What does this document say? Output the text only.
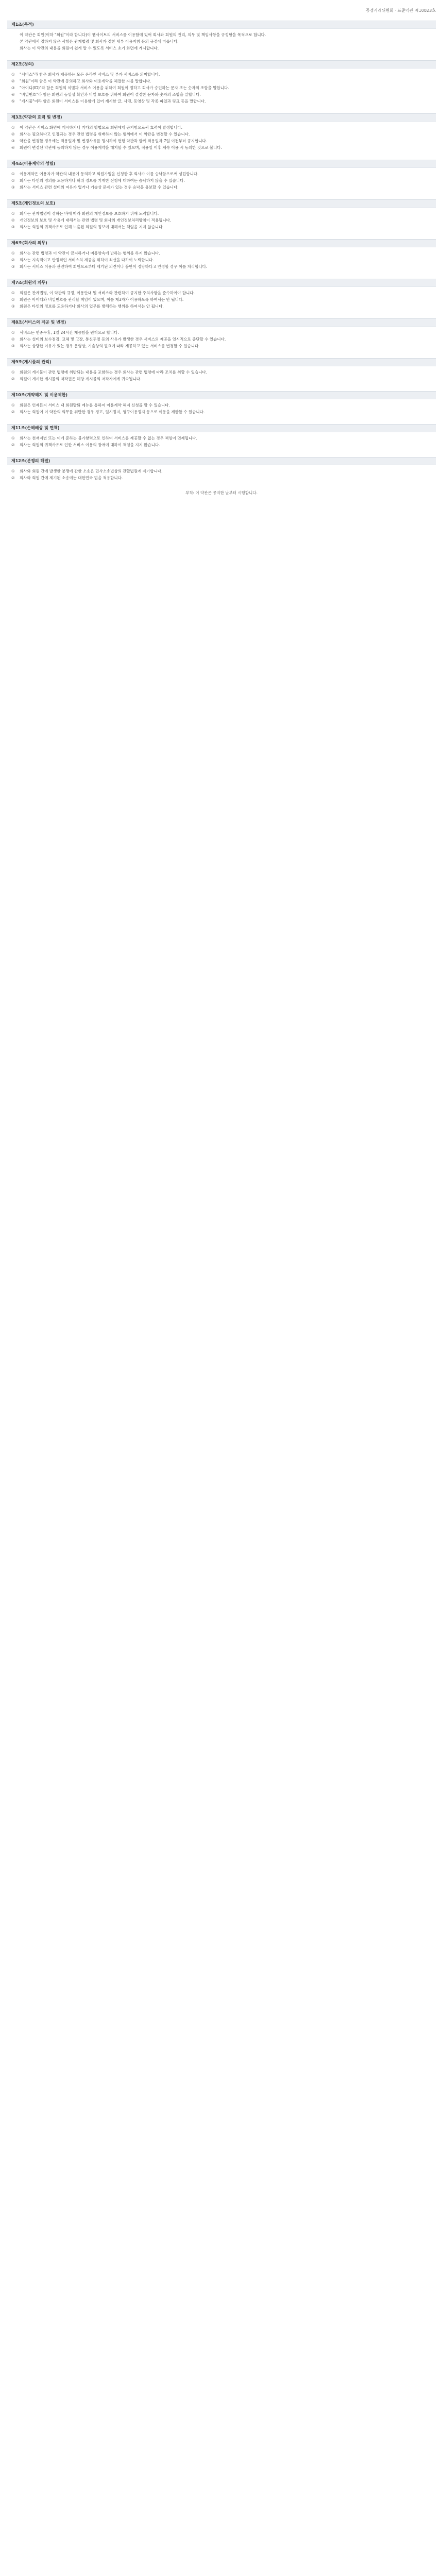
공정거래위원회 · 표준약관 제10023호
제1조(목적)
이 약관은 회원(이하 "회원"이라 합니다)이 웹사이트의 서비스를 이용함에 있어 회사와 회원의 권리, 의무 및 책임사항을 규정함을 목적으로 합니다.
본 약관에서 정하지 않은 사항은 관계법령 및 회사가 정한 세부 이용지침 등의 규정에 따릅니다.
회사는 이 약관의 내용을 회원이 쉽게 알 수 있도록 서비스 초기 화면에 게시합니다.
제2조(정의)
①	"서비스"라 함은 회사가 제공하는 모든 온라인 서비스 및 부가 서비스를 의미합니다.
②	"회원"이라 함은 이 약관에 동의하고 회사와 이용계약을 체결한 자를 말합니다.
③	"아이디(ID)"라 함은 회원의 식별과 서비스 이용을 위하여 회원이 정하고 회사가 승인하는 문자 또는 숫자의 조합을 말합니다.
④	"비밀번호"라 함은 회원의 동일성 확인과 비밀 보호를 위하여 회원이 설정한 문자와 숫자의 조합을 말합니다.
⑤	"게시물"이라 함은 회원이 서비스를 이용함에 있어 게시한 글, 사진, 동영상 및 각종 파일과 링크 등을 말합니다.
제3조(약관의 효력 및 변경)
①	이 약관은 서비스 화면에 게시하거나 기타의 방법으로 회원에게 공지함으로써 효력이 발생합니다.
②	회사는 필요하다고 인정되는 경우 관련 법령을 위배하지 않는 범위에서 이 약관을 변경할 수 있습니다.
③	약관을 변경할 경우에는 적용일자 및 변경사유를 명시하여 현행 약관과 함께 적용일자 7일 이전부터 공지합니다.
④	회원이 변경된 약관에 동의하지 않는 경우 이용계약을 해지할 수 있으며, 적용일 이후 계속 이용 시 동의한 것으로 봅니다.
제4조(이용계약의 성립)
①	이용계약은 이용자가 약관의 내용에 동의하고 회원가입을 신청한 후 회사가 이를 승낙함으로써 성립합니다.
②	회사는 타인의 명의를 도용하거나 허위 정보를 기재한 신청에 대하여는 승낙하지 않을 수 있습니다.
③	회사는 서비스 관련 설비의 여유가 없거나 기술상 문제가 있는 경우 승낙을 유보할 수 있습니다.
제5조(개인정보의 보호)
①	회사는 관계법령이 정하는 바에 따라 회원의 개인정보를 보호하기 위해 노력합니다.
②	개인정보의 보호 및 사용에 대해서는 관련 법령 및 회사의 개인정보처리방침이 적용됩니다.
③	회사는 회원의 귀책사유로 인해 노출된 회원의 정보에 대해서는 책임을 지지 않습니다.
제6조(회사의 의무)
①	회사는 관련 법령과 이 약관이 금지하거나 미풍양속에 반하는 행위를 하지 않습니다.
②	회사는 지속적이고 안정적인 서비스의 제공을 위하여 최선을 다하여 노력합니다.
③	회사는 서비스 이용과 관련하여 회원으로부터 제기된 의견이나 불만이 정당하다고 인정할 경우 이를 처리합니다.
제7조(회원의 의무)
①	회원은 관계법령, 이 약관의 규정, 이용안내 및 서비스와 관련하여 공지한 주의사항을 준수하여야 합니다.
②	회원은 아이디와 비밀번호를 관리할 책임이 있으며, 이를 제3자가 이용하도록 하여서는 안 됩니다.
③	회원은 타인의 정보를 도용하거나 회사의 업무를 방해하는 행위를 하여서는 안 됩니다.
제8조(서비스의 제공 및 변경)
①	서비스는 연중무휴, 1일 24시간 제공함을 원칙으로 합니다.
②	회사는 설비의 보수점검, 교체 및 고장, 통신두절 등의 사유가 발생한 경우 서비스의 제공을 일시적으로 중단할 수 있습니다.
③	회사는 상당한 이유가 있는 경우 운영상, 기술상의 필요에 따라 제공하고 있는 서비스를 변경할 수 있습니다.
제9조(게시물의 관리)
①	회원의 게시물이 관련 법령에 위반되는 내용을 포함하는 경우 회사는 관련 법령에 따라 조치를 취할 수 있습니다.
②	회원이 게시한 게시물의 저작권은 해당 게시물의 저작자에게 귀속됩니다.
제10조(계약해지 및 이용제한)
①	회원은 언제든지 서비스 내 회원탈퇴 메뉴를 통하여 이용계약 해지 신청을 할 수 있습니다.
②	회사는 회원이 이 약관의 의무를 위반한 경우 경고, 일시정지, 영구이용정지 등으로 이용을 제한할 수 있습니다.
제11조(손해배상 및 면책)
①	회사는 천재지변 또는 이에 준하는 불가항력으로 인하여 서비스를 제공할 수 없는 경우 책임이 면제됩니다.
②	회사는 회원의 귀책사유로 인한 서비스 이용의 장애에 대하여 책임을 지지 않습니다.
제12조(분쟁의 해결)
①	회사와 회원 간에 발생한 분쟁에 관한 소송은 민사소송법상의 관할법원에 제기합니다.
②	회사와 회원 간에 제기된 소송에는 대한민국 법을 적용합니다.
부칙: 이 약관은 공지한 날부터 시행합니다.
